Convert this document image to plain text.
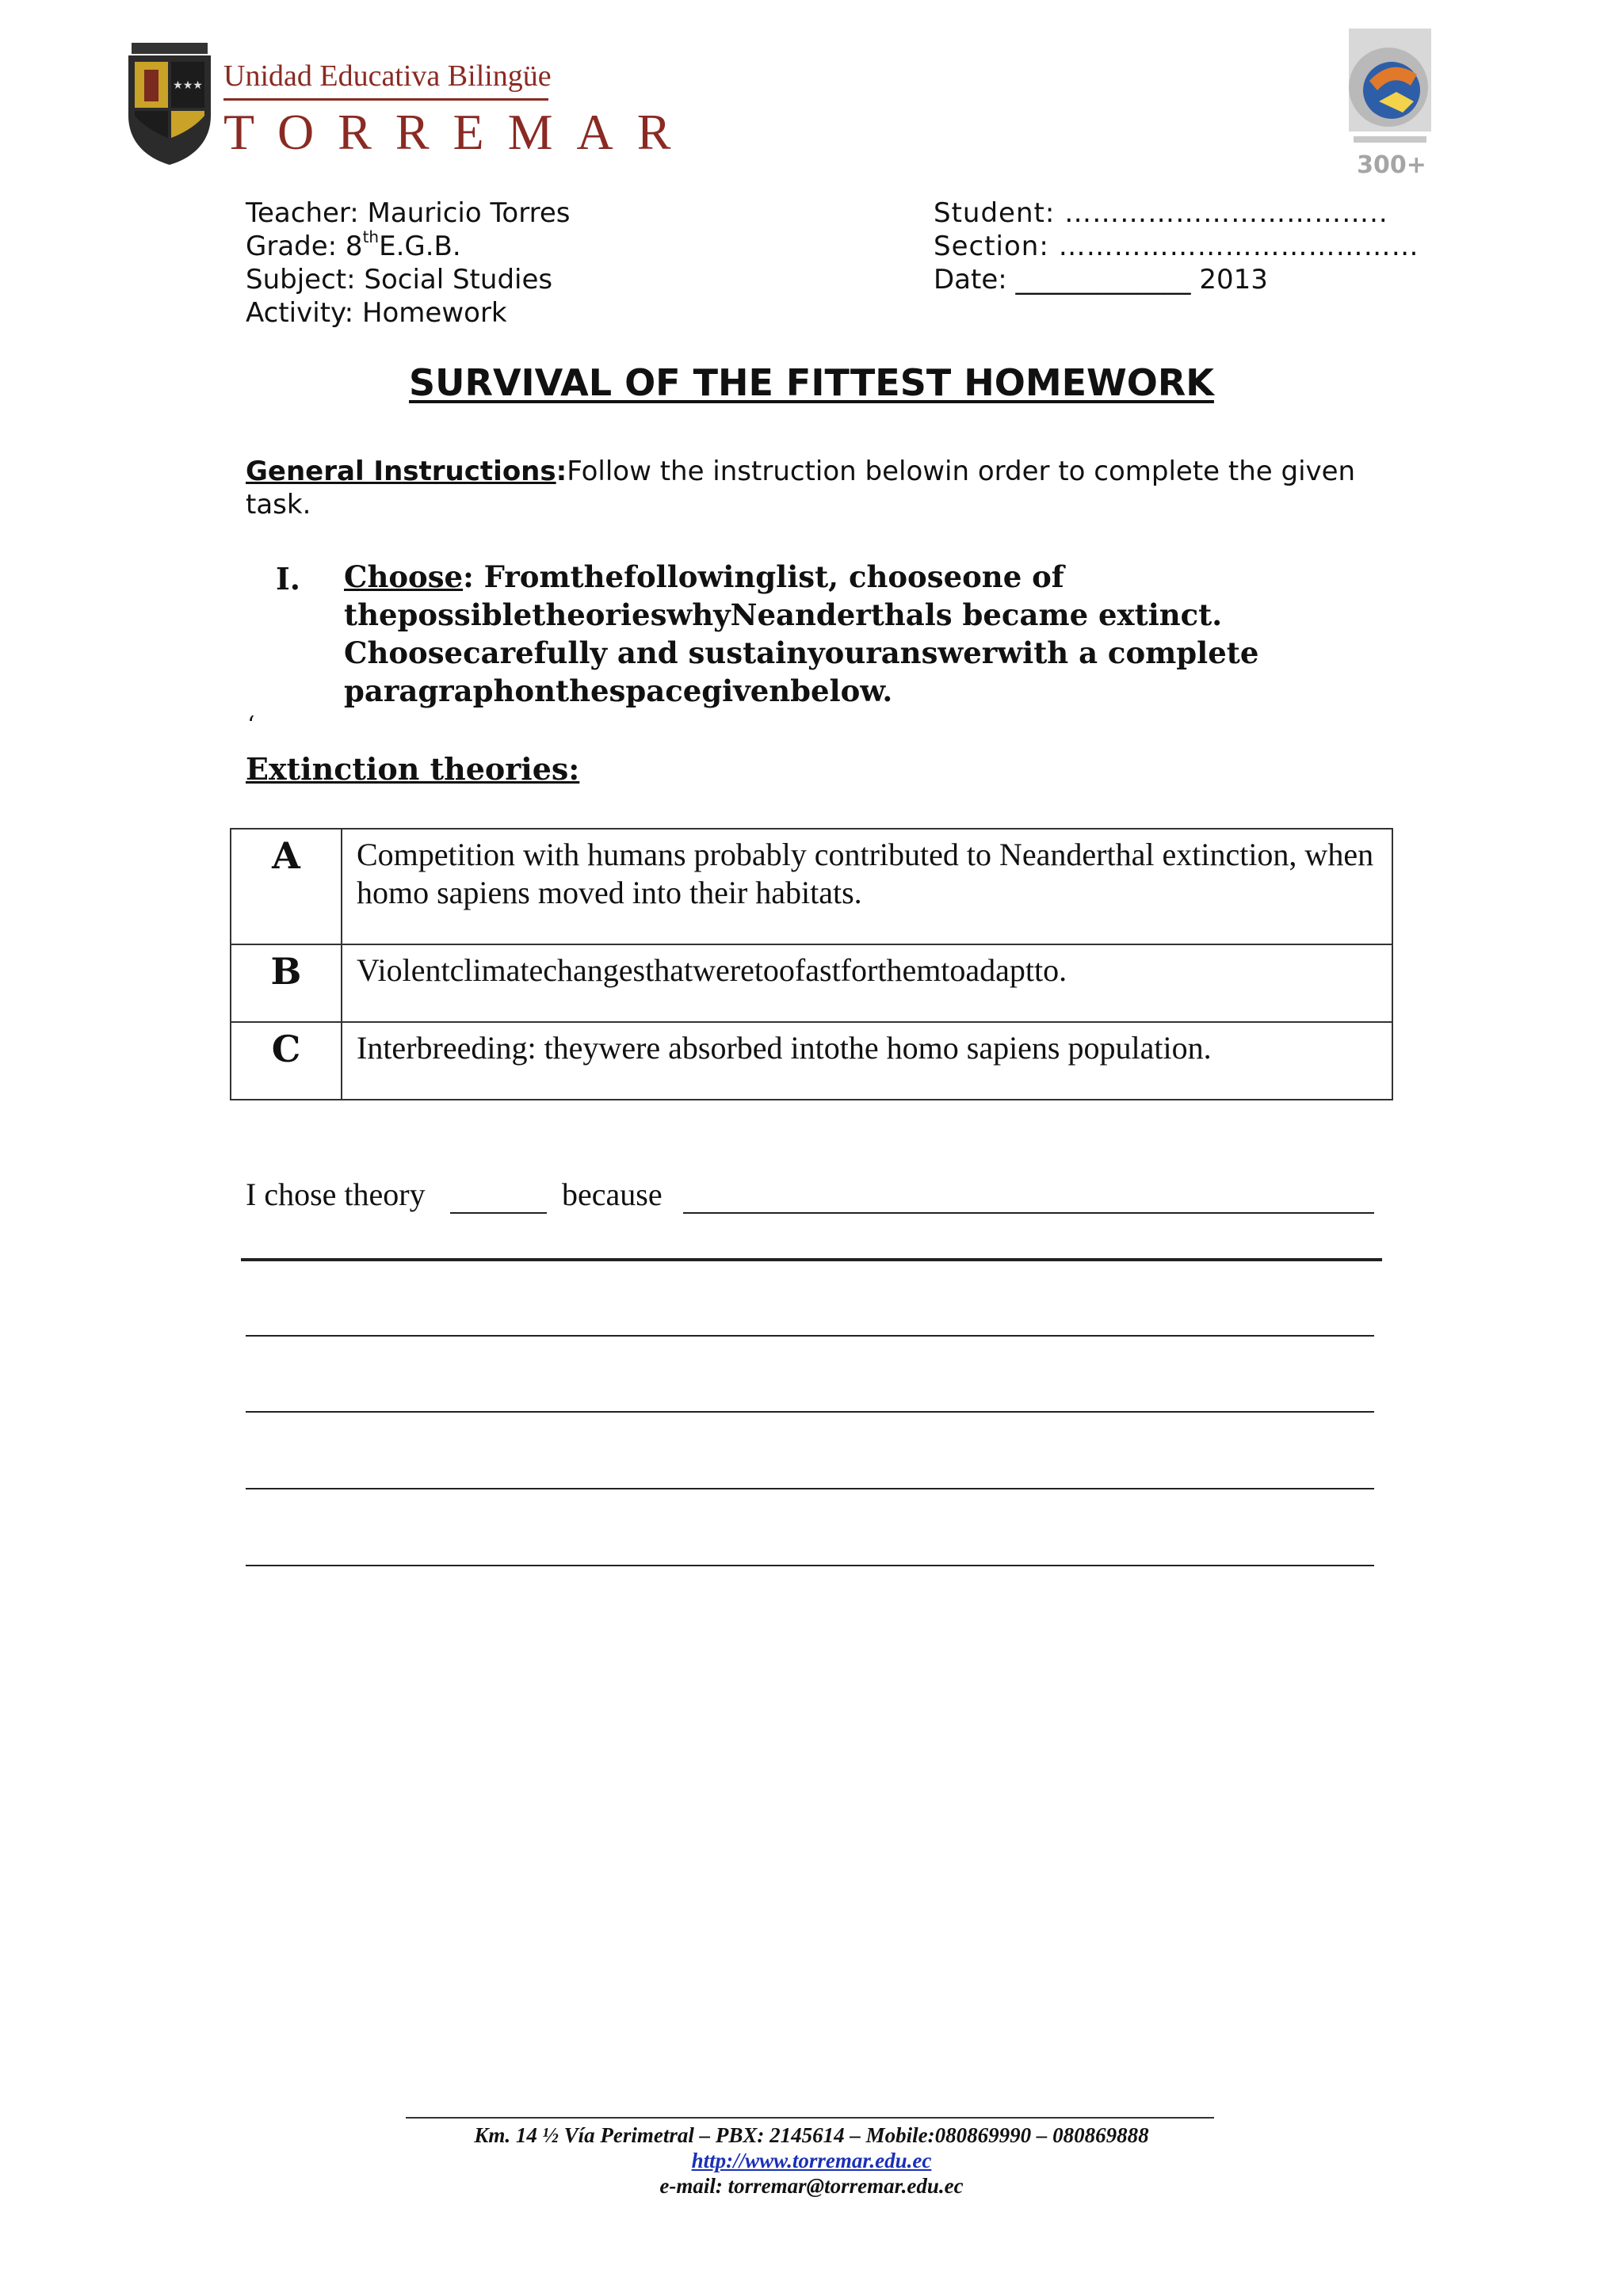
★★★ Unidad Educativa Bilingüe
TORREMAR
300+
Teacher: Mauricio Torres
Grade: 8thE.G.B.
Subject: Social Studies
Activity: Homework
Student: ……………………………..
Section: …………………………………
Date: _____________ 2013
SURVIVAL OF THE FITTEST HOMEWORK
General Instructions:Follow the instruction belowin order to complete the given task.
I. Choose: Fromthefollowinglist, chooseone of thepossibletheorieswhyNeanderthals became extinct. Choosecarefully and sustainyouranswerwith a complete paragraphonthespacegivenbelow.
‘
Extinction theories:
A	Competition with humans probably contributed to Neanderthal extinction, when homo sapiens moved into their habitats.
B	Violentclimatechangesthatweretoofastforthemtoadaptto.
C	Interbreeding: theywere absorbed intothe homo sapiens population.
I chose theory	because
Km. 14 ½ Vía Perimetral – PBX: 2145614 – Mobile:080869990 – 080869888
http://www.torremar.edu.ec
e-mail: torremar@torremar.edu.ec
